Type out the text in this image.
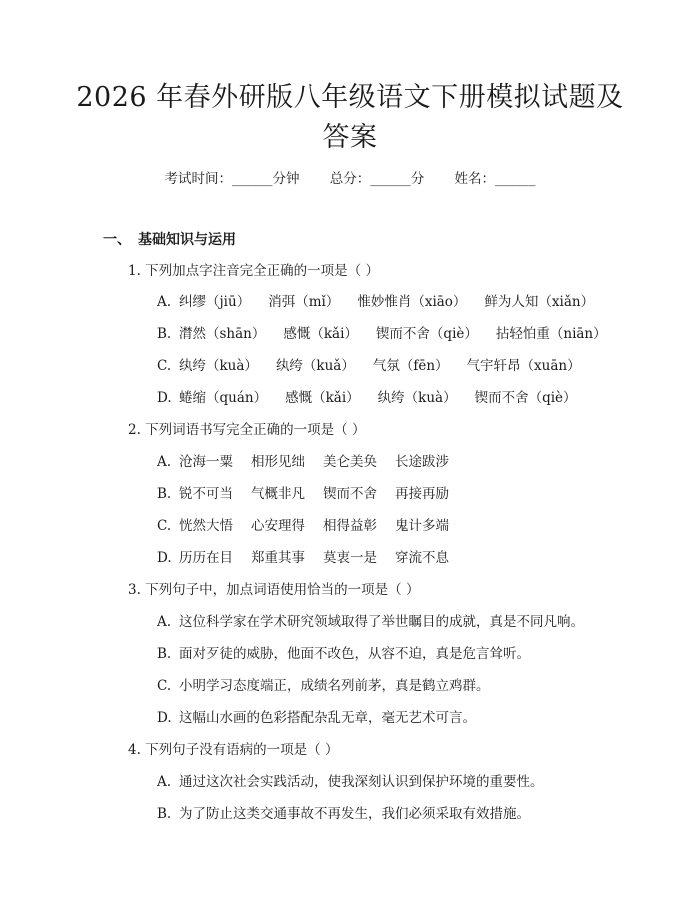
2026 年春外研版八年级语文下册模拟试题及
答案
考试时间：______分钟 总分：______分 姓名：______
一、 基础知识与运用
1. 下列加点字注音完全正确的一项是（ ）
A. 纠缪（jiū） 消弭（mǐ） 惟妙惟肖（xiāo） 鲜为人知（xiǎn）
B. 潸然（shān） 感慨（kǎi） 锲而不舍（qiè） 拈轻怕重（niān）
C. 纨绔（kuà） 纨绔（kuǎ） 气氛（fēn） 气宇轩昂（xuān）
D. 蜷缩（quán） 感慨（kǎi） 纨绔（kuà） 锲而不舍（qiè）
2. 下列词语书写完全正确的一项是（ ）
A. 沧海一粟 相形见绌 美仑美奂 长途跋涉
B. 锐不可当 气概非凡 锲而不舍 再接再励
C. 恍然大悟 心安理得 相得益彰 鬼计多端
D. 历历在目 郑重其事 莫衷一是 穿流不息
3. 下列句子中，加点词语使用恰当的一项是（ ）
A. 这位科学家在学术研究领域取得了举世瞩目的成就，真是不同凡响。
B. 面对歹徒的威胁，他面不改色，从容不迫，真是危言耸听。
C. 小明学习态度端正，成绩名列前茅，真是鹤立鸡群。
D. 这幅山水画的色彩搭配杂乱无章，毫无艺术可言。
4. 下列句子没有语病的一项是（ ）
A. 通过这次社会实践活动，使我深刻认识到保护环境的重要性。
B. 为了防止这类交通事故不再发生，我们必须采取有效措施。
